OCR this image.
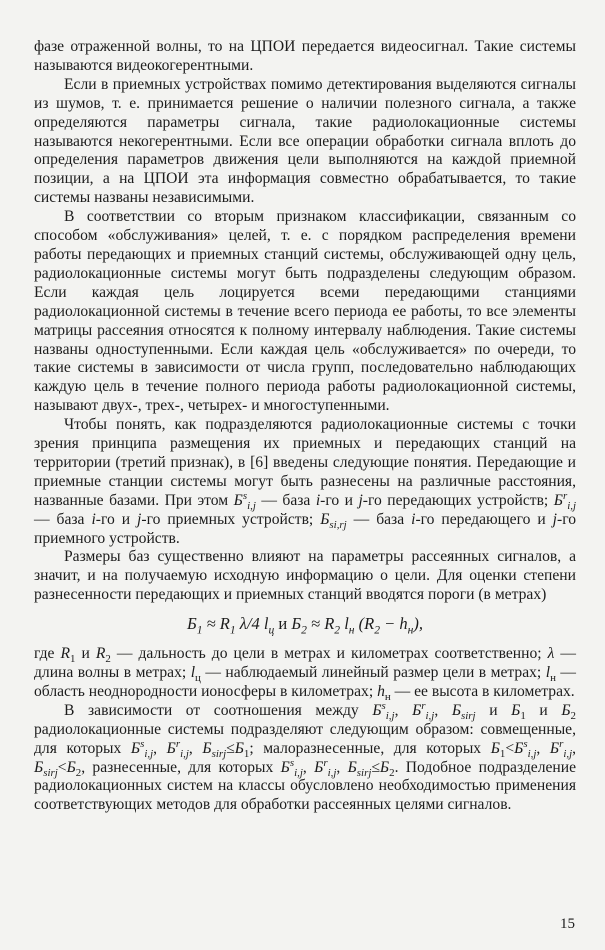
фазе отраженной волны, то на ЦПОИ передается видеосигнал. Такие системы называются видеокогерентными.

Если в приемных устройствах помимо детектирования выделяются сигналы из шумов, т. е. принимается решение о наличии полезного сигнала, а также определяются параметры сигнала, такие радиолокационные системы называются некогерентными. Если все операции обработки сигнала вплоть до определения параметров движения цели выполняются на каждой приемной позиции, а на ЦПОИ эта информация совместно обрабатывается, то такие системы названы независимыми.

В соответствии со вторым признаком классификации, связанным со способом «обслуживания» целей, т. е. с порядком распределения времени работы передающих и приемных станций системы, обслуживающей одну цель, радиолокационные системы могут быть подразделены следующим образом. Если каждая цель лоцируется всеми передающими станциями радиолокационной системы в течение всего периода ее работы, то все элементы матрицы рассеяния относятся к полному интервалу наблюдения. Такие системы названы одноступенными. Если каждая цель «обслуживается» по очереди, то такие системы в зависимости от числа групп, последовательно наблюдающих каждую цель в течение полного периода работы радиолокационной системы, называют двух-, трех-, четырех- и многоступенными.

Чтобы понять, как подразделяются радиолокационные системы с точки зрения принципа размещения их приемных и передающих станций на территории (третий признак), в [6] введены следующие понятия. Передающие и приемные станции системы могут быть разнесены на различные расстояния, названные базами. При этом $Б^s_{i,j}$ — база i-го и j-го передающих устройств; $Б^r_{i,j}$ — база i-го и j-го приемных устройств; $Б_{si,rj}$ — база i-го передающего и j-го приемного устройств.

Размеры баз существенно влияют на параметры рассеянных сигналов, а значит, и на получаемую исходную информацию о цели. Для оценки степени разнесенности передающих и приемных станций вводятся пороги (в метрах)

$Б_1 \approx R_1$ λ/4 $l_ц$ и $Б_2 \approx R_2$ $l_н$ $(R_2 - h_н)$,

где $R_1$ и $R_2$ — дальность до цели в метрах и километрах соответственно; λ — длина волны в метрах; $l_ц$ — наблюдаемый линейный размер цели в метрах; $l_н$ — область неоднородности ионосферы в километрах; $h_н$ — ее высота в километрах.

В зависимости от соотношения между $Б^s_{i,j}$, $Б^r_{i,j}$, $Б_{sirj}$ и $Б_1$ и $Б_2$ радиолокационные системы подразделяют следующим образом: совмещенные, для которых $Б^s_{i,j}$, $Б^r_{i,j}$, $Б_{sirj}\le Б_1$; малоразнесенные, для которых $Б_1<Б^s_{i,j}$, $Б^r_{i,j}$, $Б_{sirj}<Б_2$, разнесенные, для которых $Б^s_{i,j}$, $Б^r_{i,j}$, $Б_{sirj}\le Б_2$. Подобное подразделение радиолокационных систем на классы обусловлено необходимостью применения соответствующих методов для обработки рассеянных целями сигналов.

15
